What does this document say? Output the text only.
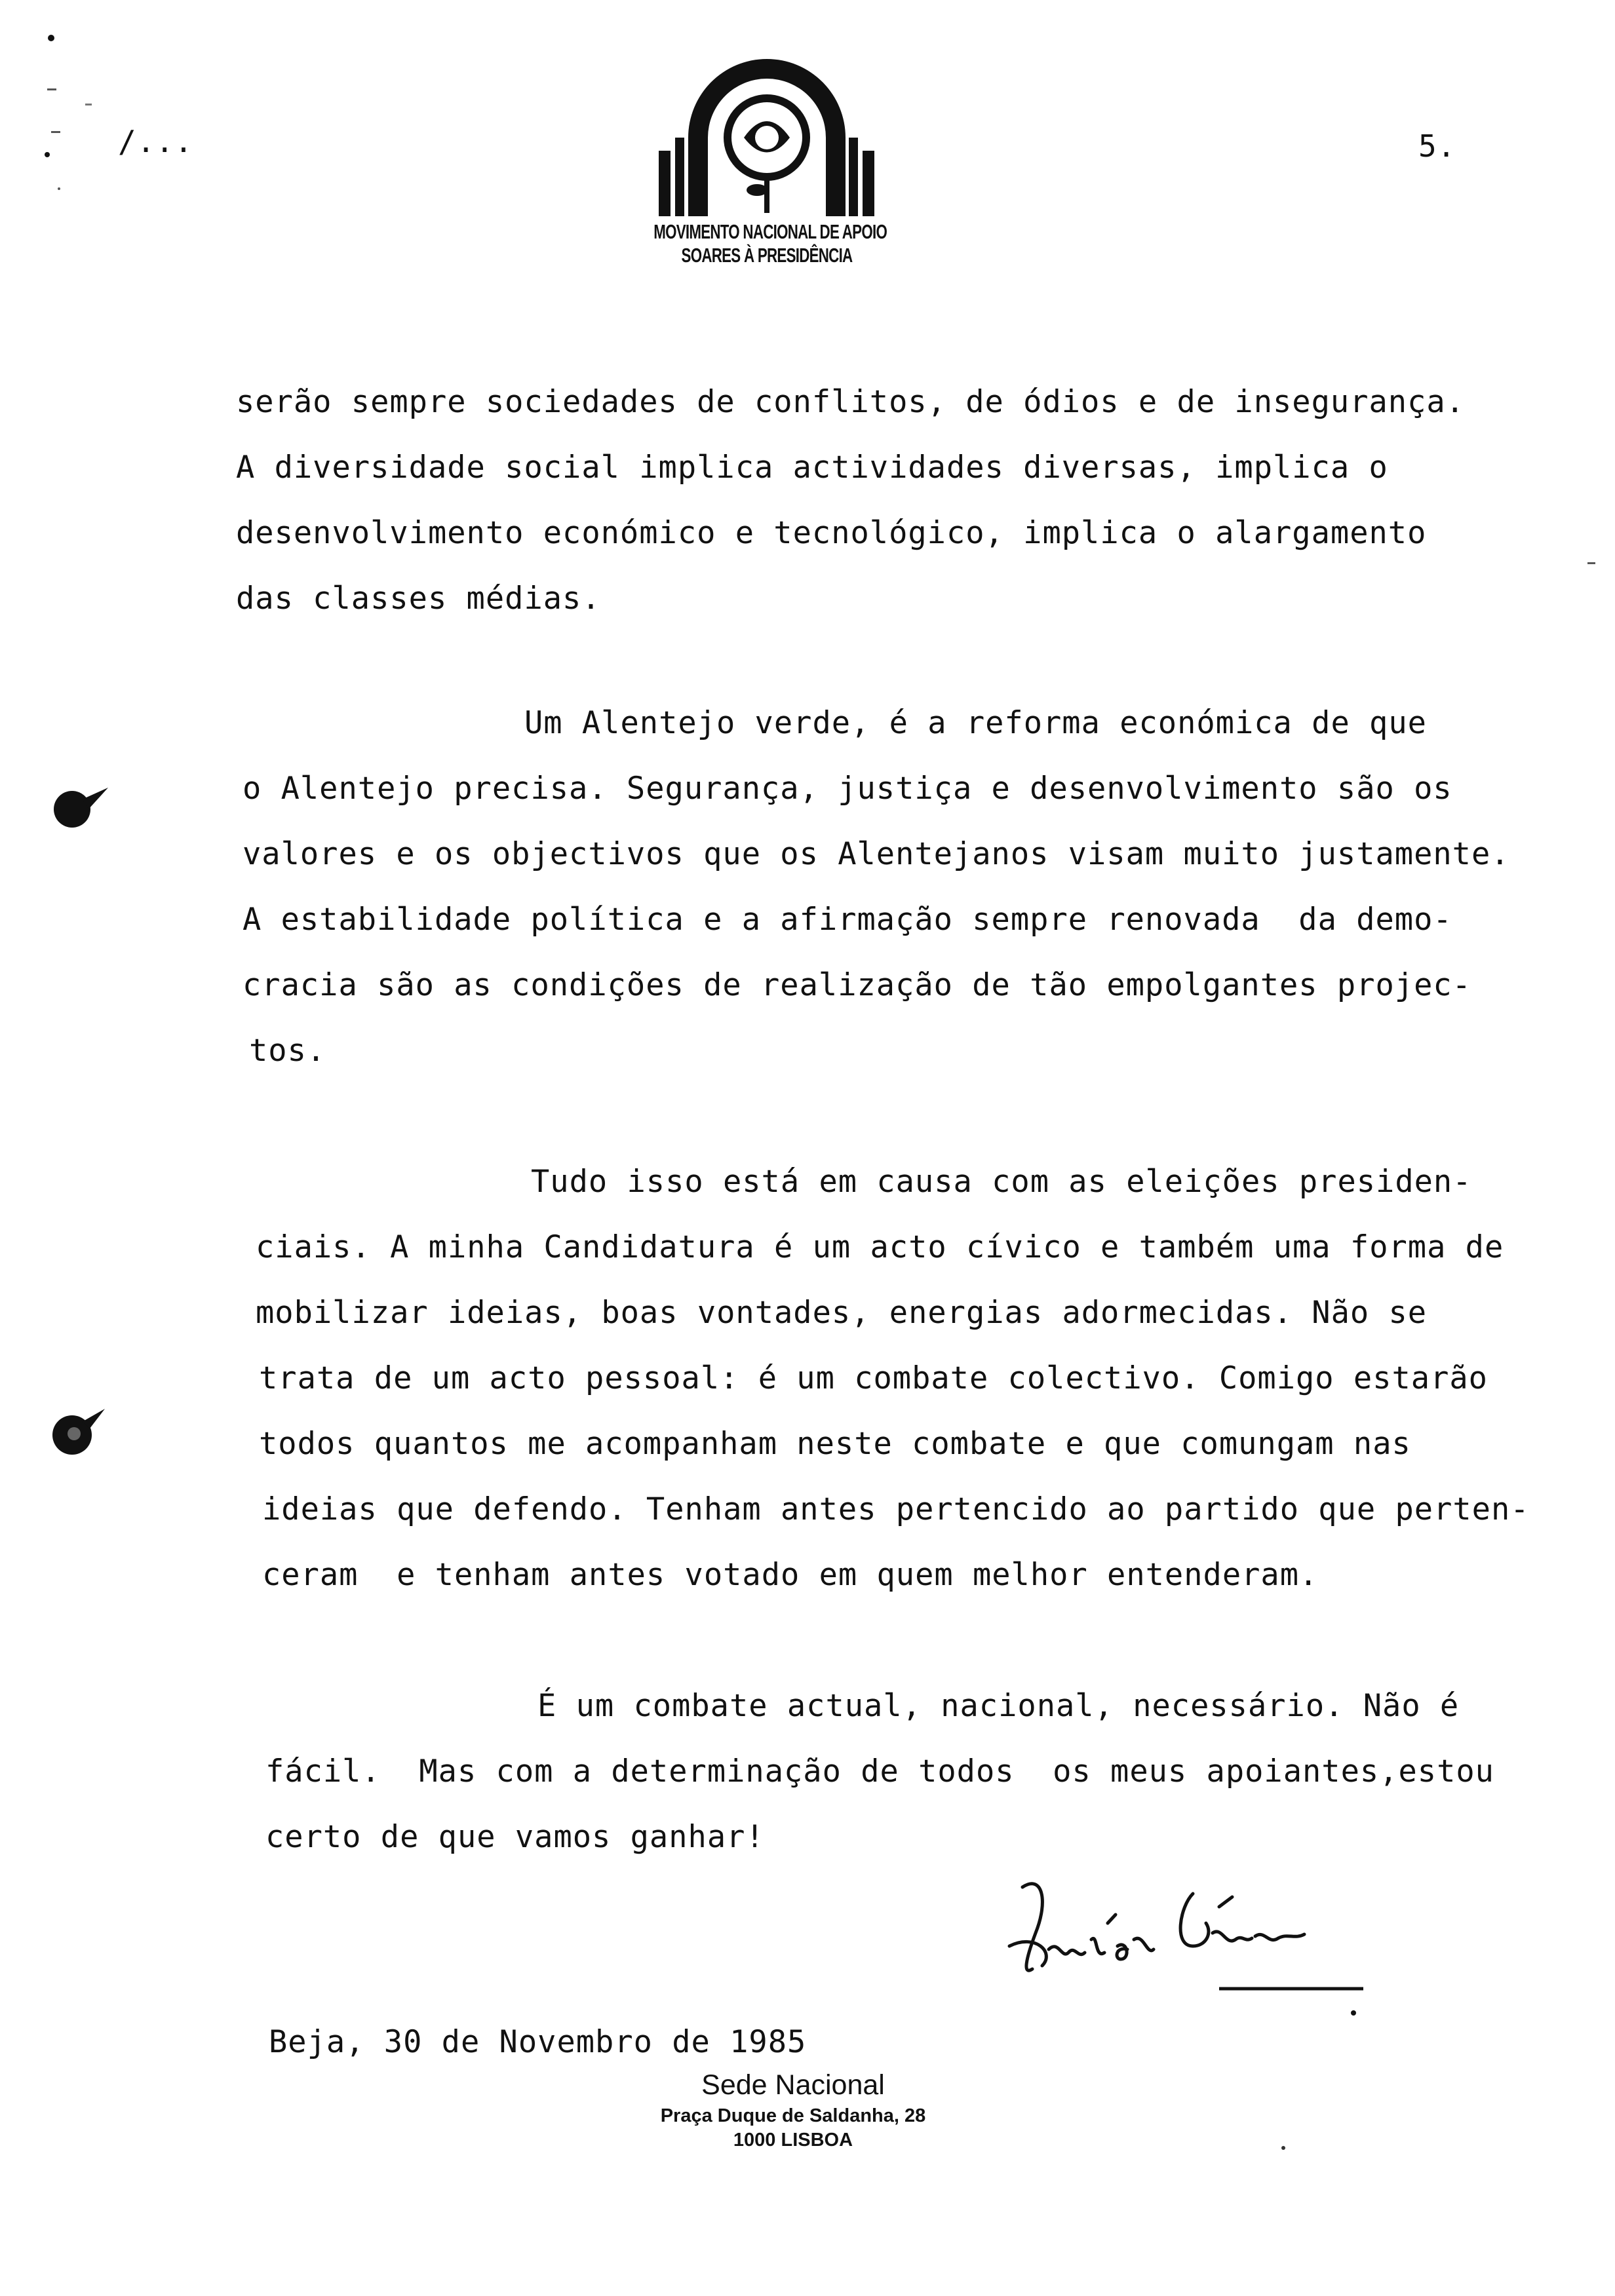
/...	5.
MOVIMENTO NACIONAL DE APOIO
SOARES À PRESIDÊNCIA

serão sempre sociedades de conflitos, de ódios e de insegurança.

A diversidade social implica actividades diversas, implica o

desenvolvimento económico e tecnológico, implica o alargamento

das classes médias.

Um Alentejo verde, é a reforma económica de que

o Alentejo precisa. Segurança, justiça e desenvolvimento são os

valores e os objectivos que os Alentejanos visam muito justamente.

A estabilidade política e a afirmação sempre renovada  da demo-

cracia são as condições de realização de tão empolgantes projec-

tos.

Tudo isso está em causa com as eleições presiden-

ciais. A minha Candidatura é um acto cívico e também uma forma de

mobilizar ideias, boas vontades, energias adormecidas. Não se

trata de um acto pessoal: é um combate colectivo. Comigo estarão

todos quantos me acompanham neste combate e que comungam nas

ideias que defendo. Tenham antes pertencido ao partido que perten-

ceram  e tenham antes votado em quem melhor entenderam.

É um combate actual, nacional, necessário. Não é

fácil.  Mas com a determinação de todos  os meus apoiantes,estou

certo de que vamos ganhar!

Beja, 30 de Novembro de 1985
Sede Nacional
Praça Duque de Saldanha, 28
1000 LISBOA
